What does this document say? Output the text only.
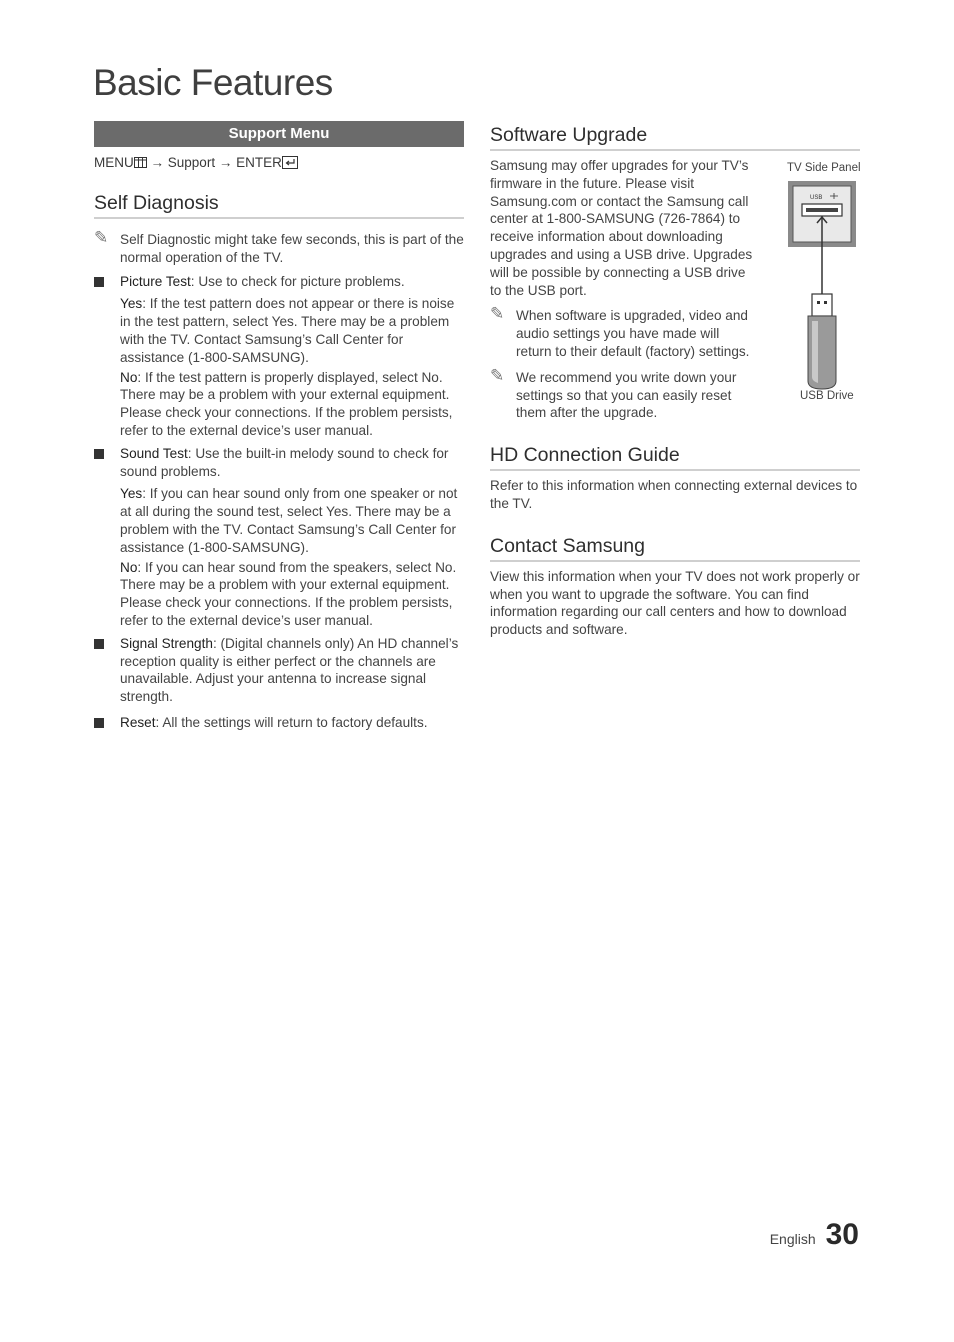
Basic Features
Support Menu
MENU → Support → ENTER
Self Diagnosis
✎ Self Diagnostic might take few seconds, this is part of the normal operation of the TV.
Picture Test: Use to check for picture problems.
Yes: If the test pattern does not appear or there is noise in the test pattern, select Yes. There may be a problem with the TV. Contact Samsung’s Call Center for assistance (1-800-SAMSUNG).
No: If the test pattern is properly displayed, select No. There may be a problem with your external equipment. Please check your connections. If the problem persists, refer to the external device’s user manual.
Sound Test: Use the built-in melody sound to check for sound problems.
Yes: If you can hear sound only from one speaker or not at all during the sound test, select Yes. There may be a problem with the TV. Contact Samsung’s Call Center for assistance (1-800-SAMSUNG).
No: If you can hear sound from the speakers, select No. There may be a problem with your external equipment. Please check your connections. If the problem persists, refer to the external device’s user manual.
Signal Strength: (Digital channels only) An HD channel’s reception quality is either perfect or the channels are unavailable. Adjust your antenna to increase signal strength.
Reset: All the settings will return to factory defaults.
Software Upgrade
Samsung may offer upgrades for your TV’s firmware in the future. Please visit Samsung.com or contact the Samsung call center at 1-800-SAMSUNG (726-7864) to receive information about downloading upgrades and using a USB drive. Upgrades will be possible by connecting a USB drive to the USB port.
✎ When software is upgraded, video and audio settings you have made will return to their default (factory) settings.
✎ We recommend you write down your settings so that you can easily reset them after the upgrade.
TV Side Panel
USB
USB Drive
HD Connection Guide
Refer to this information when connecting external devices to the TV.
Contact Samsung
View this information when your TV does not work properly or when you want to upgrade the software. You can find information regarding our call centers and how to download products and software.
English 30
